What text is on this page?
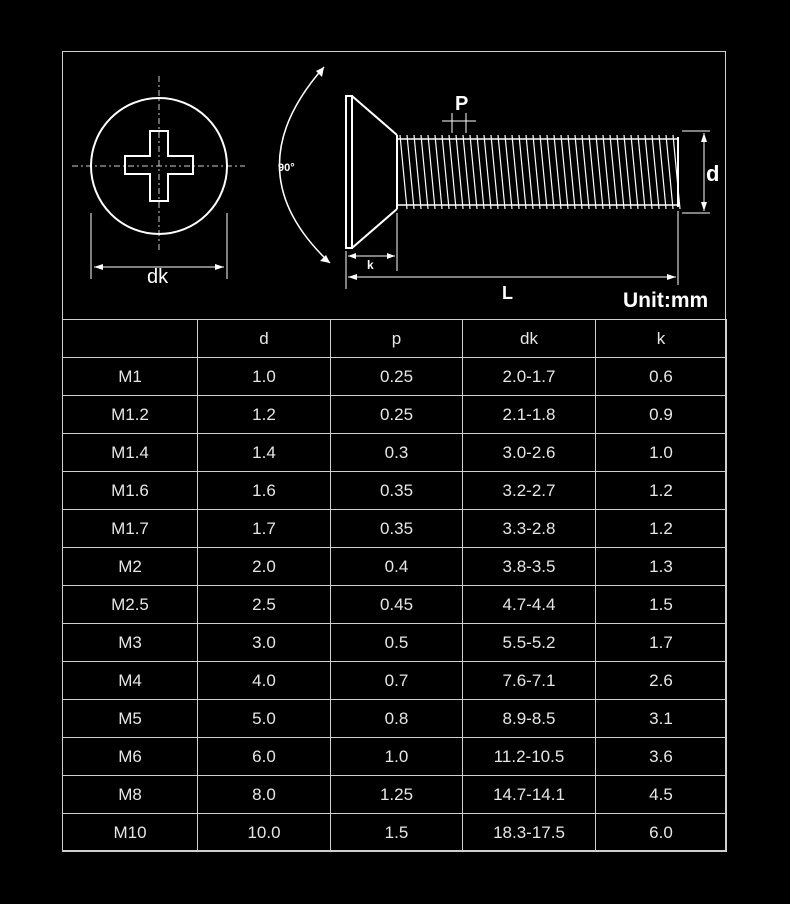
dk
90°
P
d
k
L	Unit:mm
	d	p	dk	k
M1	1.0	0.25	2.0-1.7	0.6
M1.2	1.2	0.25	2.1-1.8	0.9
M1.4	1.4	0.3	3.0-2.6	1.0
M1.6	1.6	0.35	3.2-2.7	1.2
M1.7	1.7	0.35	3.3-2.8	1.2
M2	2.0	0.4	3.8-3.5	1.3
M2.5	2.5	0.45	4.7-4.4	1.5
M3	3.0	0.5	5.5-5.2	1.7
M4	4.0	0.7	7.6-7.1	2.6
M5	5.0	0.8	8.9-8.5	3.1
M6	6.0	1.0	11.2-10.5	3.6
M8	8.0	1.25	14.7-14.1	4.5
M10	10.0	1.5	18.3-17.5	6.0
